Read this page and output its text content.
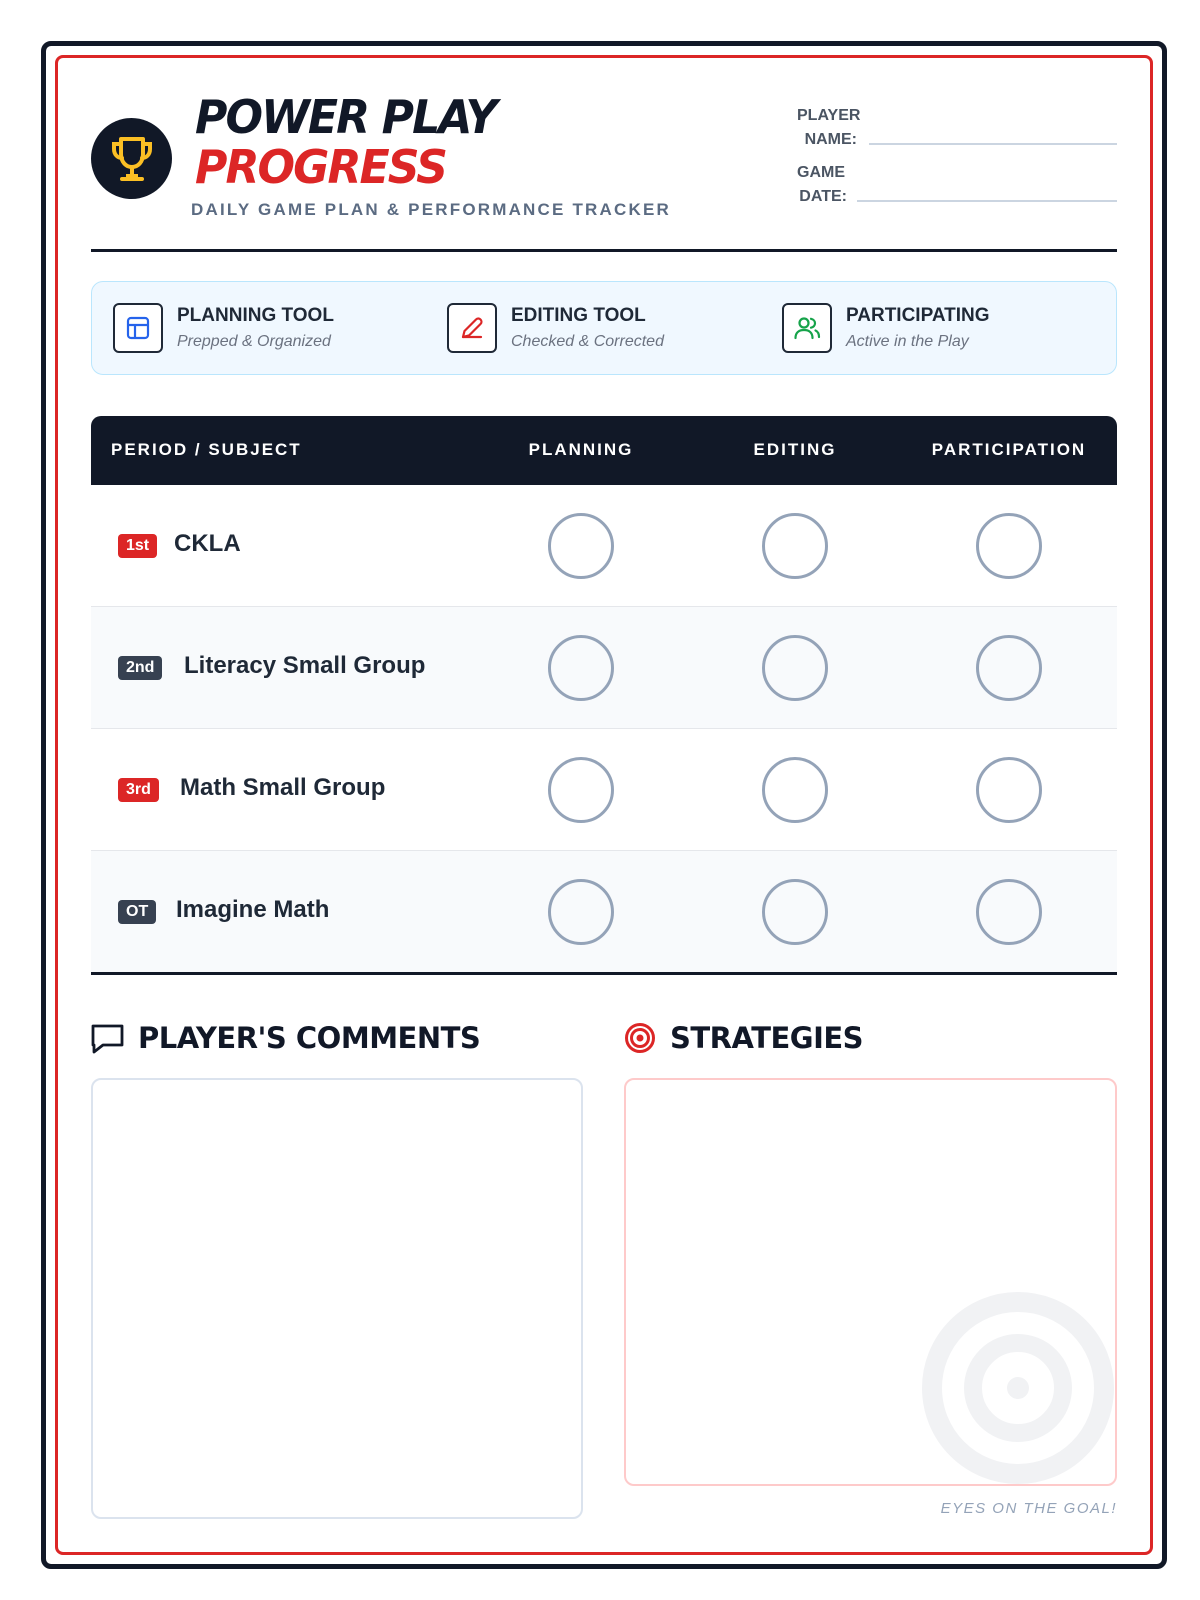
POWER PLAY
PROGRESS
DAILY GAME PLAN & PERFORMANCE TRACKER
PLAYER
NAME:
GAME
DATE:
PLANNING TOOL
Prepped & Organized
EDITING TOOL
Checked & Corrected
PARTICIPATING
Active in the Play
PERIOD / SUBJECT	PLANNING	EDITING	PARTICIPATION
1st	CKLA
2nd	Literacy Small Group
3rd	Math Small Group
OT	Imagine Math
PLAYER'S COMMENTS	STRATEGIES
EYES ON THE GOAL!
